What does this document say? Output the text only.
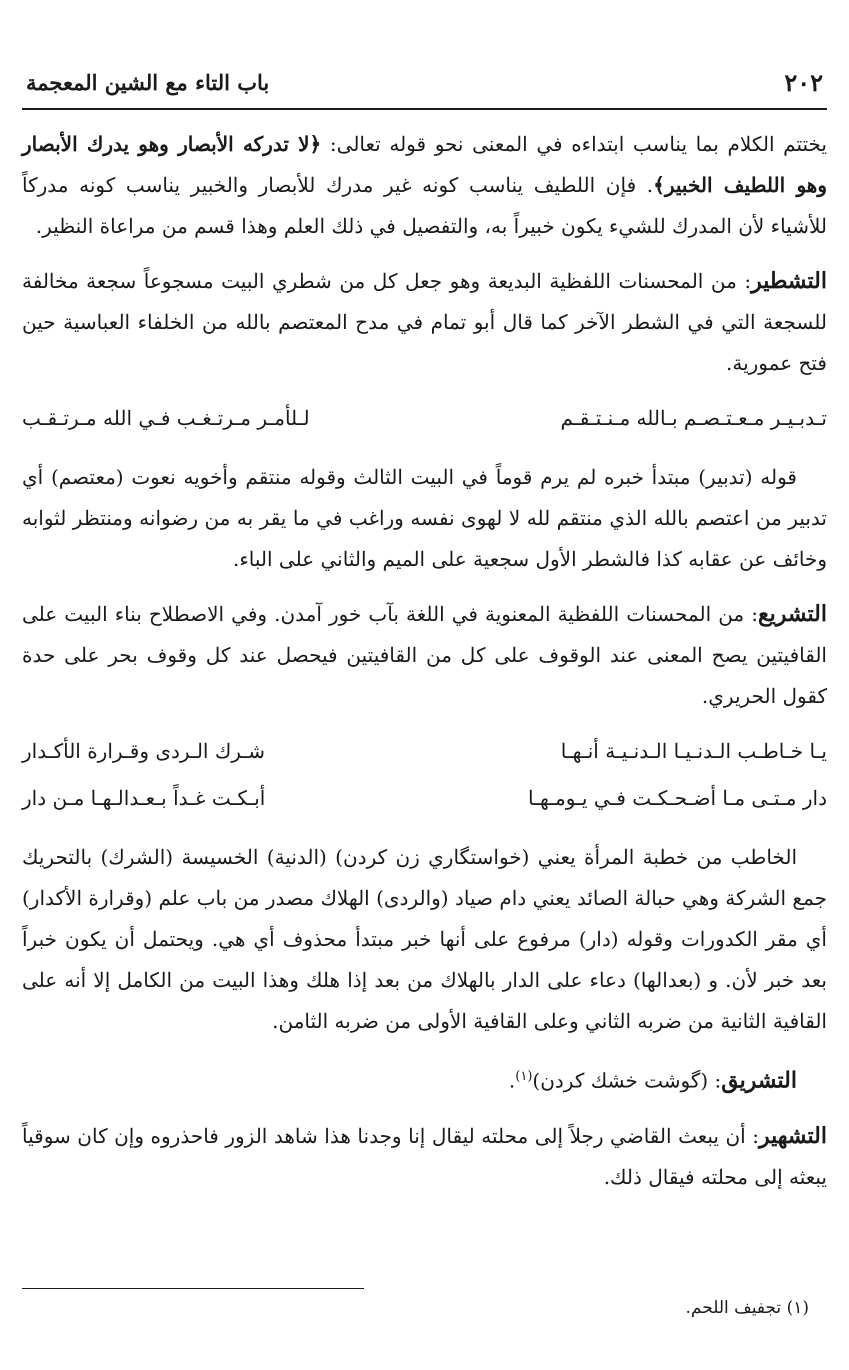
٢٠٢
باب التاء مع الشين المعجمة

يختتم الكلام بما يناسب ابتداءه في المعنى نحو قوله تعالى: ﴿لا تدركه الأبصار وهو يدرك الأبصار وهو اللطيف الخبير﴾. فإن اللطيف يناسب كونه غير مدرك للأبصار والخبير يناسب كونه مدركاً للأشياء لأن المدرك للشيء يكون خبيراً به، والتفصيل في ذلك العلم وهذا قسم من مراعاة النظير.

التشطير: من المحسنات اللفظية البديعة وهو جعل كل من شطري البيت مسجوعاً سجعة مخالفة للسجعة التي في الشطر الآخر كما قال أبو تمام في مدح المعتصم بالله من الخلفاء العباسية حين فتح عمورية.

تـدبـيـر مـعـتـصـم بـالله مـنـتـقـم
لـلأمـر مـرتـغـب فـي الله مـرتـقـب

قوله (تدبير) مبتدأ خبره لم يرم قوماً في البيت الثالث وقوله منتقم وأخويه نعوت (معتصم) أي تدبير من اعتصم بالله الذي منتقم لله لا لهوى نفسه وراغب في ما يقر به من رضوانه ومنتظر لثوابه وخائف عن عقابه كذا فالشطر الأول سجعية على الميم والثاني على الباء.

التشريع: من المحسنات اللفظية المعنوية في اللغة بآب خور آمدن. وفي الاصطلاح بناء البيت على القافيتين يصح المعنى عند الوقوف على كل من القافيتين فيحصل عند كل وقوف بحر على حدة كقول الحريري.

يـا خـاطـب الـدنـيـا الـدنـيـة أنـهـا
شـرك الـردى وقـرارة الأكـدار
دار مـتـى مـا أضـحـكـت فـي يـومـهـا
أبـكـت غـداً بـعـدالـهـا مـن دار

الخاطب من خطبة المرأة يعني (خواستگاري زن كردن) (الدنية) الخسيسة (الشرك) بالتحريك جمع الشركة وهي حبالة الصائد يعني دام صياد (والردى) الهلاك مصدر من باب علم (وقرارة الأكدار) أي مقر الكدورات وقوله (دار) مرفوع على أنها خبر مبتدأ محذوف أي هي. ويحتمل أن يكون خبراً بعد خبر لأن. و (بعدالها) دعاء على الدار بالهلاك من بعد إذا هلك وهذا البيت من الكامل إلا أنه على القافية الثانية من ضربه الثاني وعلى القافية الأولى من ضربه الثامن.

التشريق: (گوشت خشك كردن)$^{(١)}$.

التشهير: أن يبعث القاضي رجلاً إلى محلته ليقال إنا وجدنا هذا شاهد الزور فاحذروه وإن كان سوقياً يبعثه إلى محلته فيقال ذلك.

(١) تجفيف اللحم.
